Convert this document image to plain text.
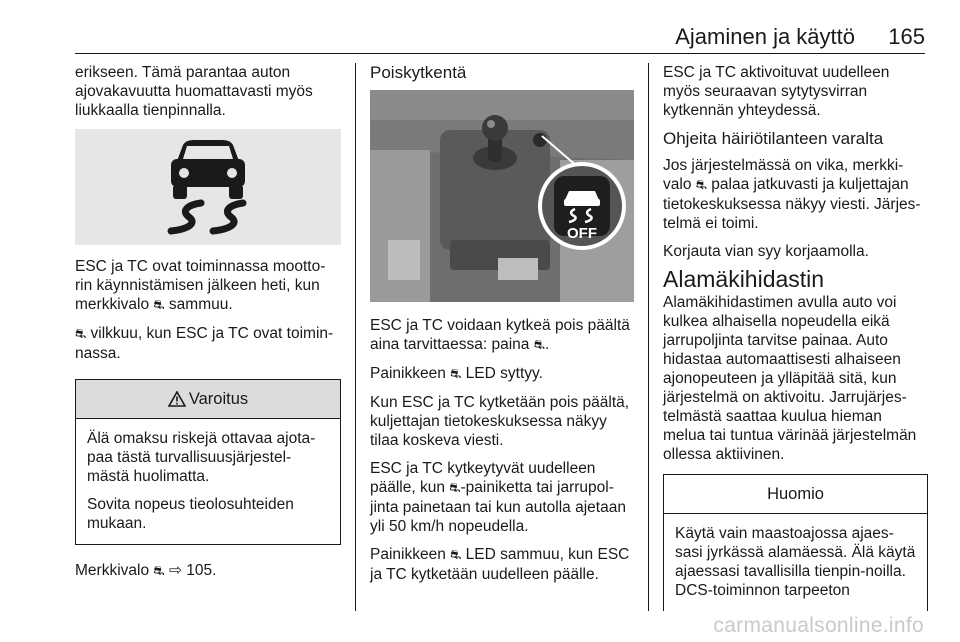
Ajaminen ja käyttö 165

erikseen. Tämä parantaa auton ajovakavuutta huomattavasti myös liukkaalla tienpinnalla.

ESC ja TC ovat toiminnassa mootto-rin käynnistämisen jälkeen heti, kun merkkivalo ⛐ sammuu.

⛐ vilkkuu, kun ESC ja TC ovat toimin-nassa.

Varoitus

Älä omaksu riskejä ottavaa ajota-paa tästä turvallisuusjärjestel-mästä huolimatta.

Sovita nopeus tieolosuhteiden mukaan.

Merkkivalo ⛐ ⇨ 105.

Poiskytkentä
OFF

ESC ja TC voidaan kytkeä pois päältä aina tarvittaessa: paina ⛐.

Painikkeen ⛐ LED syttyy.

Kun ESC ja TC kytketään pois päältä, kuljettajan tietokeskuksessa näkyy tilaa koskeva viesti.

ESC ja TC kytkeytyvät uudelleen päälle, kun ⛐-painiketta tai jarrupol-jinta painetaan tai kun autolla ajetaan yli 50 km/h nopeudella.

Painikkeen ⛐ LED sammuu, kun ESC ja TC kytketään uudelleen päälle.

ESC ja TC aktivoituvat uudelleen myös seuraavan sytytysvirran kytkennän yhteydessä.

Ohjeita häiriötilanteen varalta

Jos järjestelmässä on vika, merkki-valo ⛐ palaa jatkuvasti ja kuljettajan tietokeskuksessa näkyy viesti. Järjes-telmä ei toimi.

Korjauta vian syy korjaamolla.

Alamäkihidastin

Alamäkihidastimen avulla auto voi kulkea alhaisella nopeudella eikä jarrupoljinta tarvitse painaa. Auto hidastaa automaattisesti alhaiseen ajonopeuteen ja ylläpitää sitä, kun järjestelmä on aktivoitu. Jarrujärjes-telmästä saattaa kuulua hieman melua tai tuntua värinää järjestelmän ollessa aktiivinen.

Huomio

Käytä vain maastoajossa ajaes-sasi jyrkässä alamäessä. Älä käytä ajaessasi tavallisilla tienpin-noilla. DCS-toiminnon tarpeeton

carmanualsonline.info
